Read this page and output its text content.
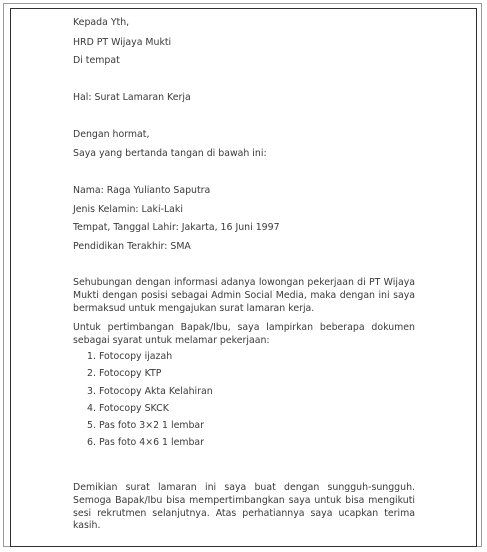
Kepada Yth,
HRD PT Wijaya Mukti
Di tempat
Hal: Surat Lamaran Kerja
Dengan hormat,
Saya yang bertanda tangan di bawah ini:
Nama: Raga Yulianto Saputra
Jenis Kelamin: Laki-Laki
Tempat, Tanggal Lahir: Jakarta, 16 Juni 1997
Pendidikan Terakhir: SMA
Sehubungan dengan informasi adanya lowongan pekerjaan di PT Wijaya Mukti dengan posisi sebagai Admin Social Media, maka dengan ini saya bermaksud untuk mengajukan surat lamaran kerja.
Untuk pertimbangan Bapak/Ibu, saya lampirkan beberapa dokumen sebagai syarat untuk melamar pekerjaan:
1. Fotocopy ijazah
2. Fotocopy KTP
3. Fotocopy Akta Kelahiran
4. Fotocopy SKCK
5. Pas foto 3×2 1 lembar
6. Pas foto 4×6 1 lembar
Demikian surat lamaran ini saya buat dengan sungguh-sungguh. Semoga Bapak/Ibu bisa mempertimbangkan saya untuk bisa mengikuti sesi rekrutmen selanjutnya. Atas perhatiannya saya ucapkan terima kasih.
